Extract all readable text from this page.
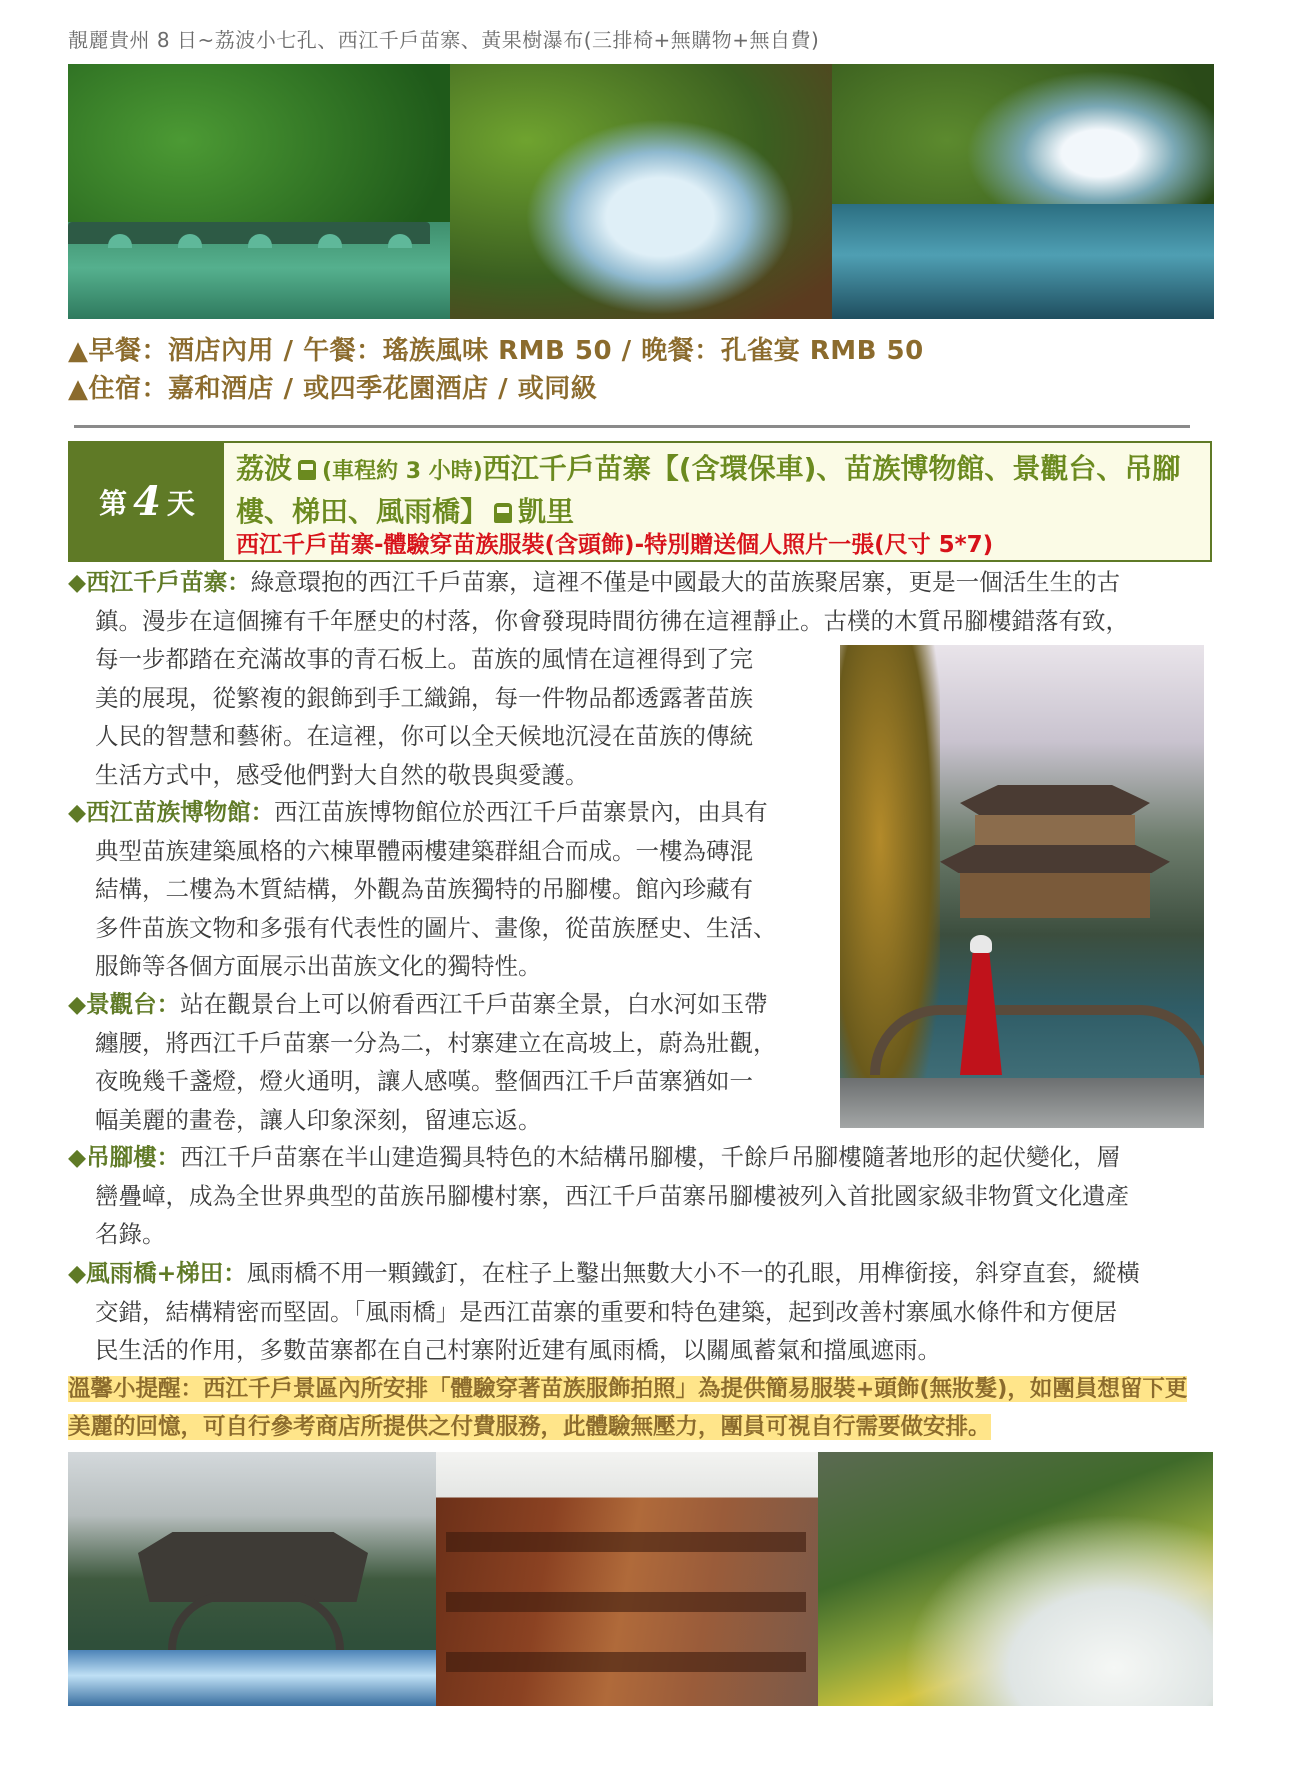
靚麗貴州 8 日~荔波小七孔、西江千戶苗寨、黃果樹瀑布(三排椅+無購物+無自費)
▲早餐：酒店內用 / 午餐：瑤族風味 RMB 50 / 晚餐：孔雀宴 RMB 50
▲住宿：嘉和酒店 / 或四季花園酒店 / 或同級
第 4 天
荔波 (車程約 3 小時)西江千戶苗寨【(含環保車)、苗族博物館、景觀台、吊腳樓、梯田、風雨橋】 凱里
西江千戶苗寨-體驗穿苗族服裝(含頭飾)-特別贈送個人照片一張(尺寸 5*7)
◆西江千戶苗寨：綠意環抱的西江千戶苗寨，這裡不僅是中國最大的苗族聚居寨，更是一個活生生的古
鎮。漫步在這個擁有千年歷史的村落，你會發現時間彷彿在這裡靜止。古樸的木質吊腳樓錯落有致，
每一步都踏在充滿故事的青石板上。苗族的風情在這裡得到了完
美的展現，從繁複的銀飾到手工織錦，每一件物品都透露著苗族
人民的智慧和藝術。在這裡，你可以全天候地沉浸在苗族的傳統
生活方式中，感受他們對大自然的敬畏與愛護。
◆西江苗族博物館：西江苗族博物館位於西江千戶苗寨景內，由具有
典型苗族建築風格的六棟單體兩樓建築群組合而成。一樓為磚混
結構，二樓為木質結構，外觀為苗族獨特的吊腳樓。館內珍藏有
多件苗族文物和多張有代表性的圖片、畫像，從苗族歷史、生活、
服飾等各個方面展示出苗族文化的獨特性。
◆景觀台：站在觀景台上可以俯看西江千戶苗寨全景，白水河如玉帶
纏腰，將西江千戶苗寨一分為二，村寨建立在高坡上，蔚為壯觀，
夜晚幾千盞燈，燈火通明，讓人感嘆。整個西江千戶苗寨猶如一
幅美麗的畫卷，讓人印象深刻，留連忘返。
◆吊腳樓：西江千戶苗寨在半山建造獨具特色的木結構吊腳樓，千餘戶吊腳樓隨著地形的起伏變化，層
巒疊嶂，成為全世界典型的苗族吊腳樓村寨，西江千戶苗寨吊腳樓被列入首批國家級非物質文化遺產
名錄。
◆風雨橋+梯田：風雨橋不用一顆鐵釘，在柱子上鑿出無數大小不一的孔眼，用榫銜接，斜穿直套，縱橫
交錯，結構精密而堅固。「風雨橋」是西江苗寨的重要和特色建築，起到改善村寨風水條件和方便居
民生活的作用，多數苗寨都在自己村寨附近建有風雨橋，以關風蓄氣和擋風遮雨。
溫馨小提醒：西江千戶景區內所安排「體驗穿著苗族服飾拍照」為提供簡易服裝+頭飾(無妝髮)，如團員想留下更
美麗的回憶，可自行參考商店所提供之付費服務，此體驗無壓力，團員可視自行需要做安排。
